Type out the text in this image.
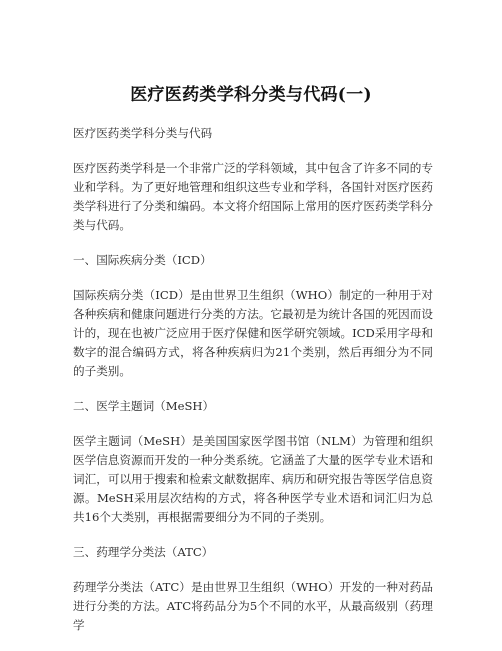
医疗医药类学科分类与代码(一)

医疗医药类学科分类与代码

医疗医药类学科是一个非常广泛的学科领域，其中包含了许多不同的专业和学科。为了更好地管理和组织这些专业和学科，各国针对医疗医药类学科进行了分类和编码。本文将介绍国际上常用的医疗医药类学科分类与代码。

一、国际疾病分类（ICD）

国际疾病分类（ICD）是由世界卫生组织（WHO）制定的一种用于对各种疾病和健康问题进行分类的方法。它最初是为统计各国的死因而设计的，现在也被广泛应用于医疗保健和医学研究领域。ICD采用字母和数字的混合编码方式，将各种疾病归为21个类别，然后再细分为不同的子类别。

二、医学主题词（MeSH）

医学主题词（MeSH）是美国国家医学图书馆（NLM）为管理和组织医学信息资源而开发的一种分类系统。它涵盖了大量的医学专业术语和词汇，可以用于搜索和检索文献数据库、病历和研究报告等医学信息资源。MeSH采用层次结构的方式，将各种医学专业术语和词汇归为总共16个大类别，再根据需要细分为不同的子类别。

三、药理学分类法（ATC）

药理学分类法（ATC）是由世界卫生组织（WHO）开发的一种对药品进行分类的方法。ATC将药品分为5个不同的水平，从最高级别（药理学
